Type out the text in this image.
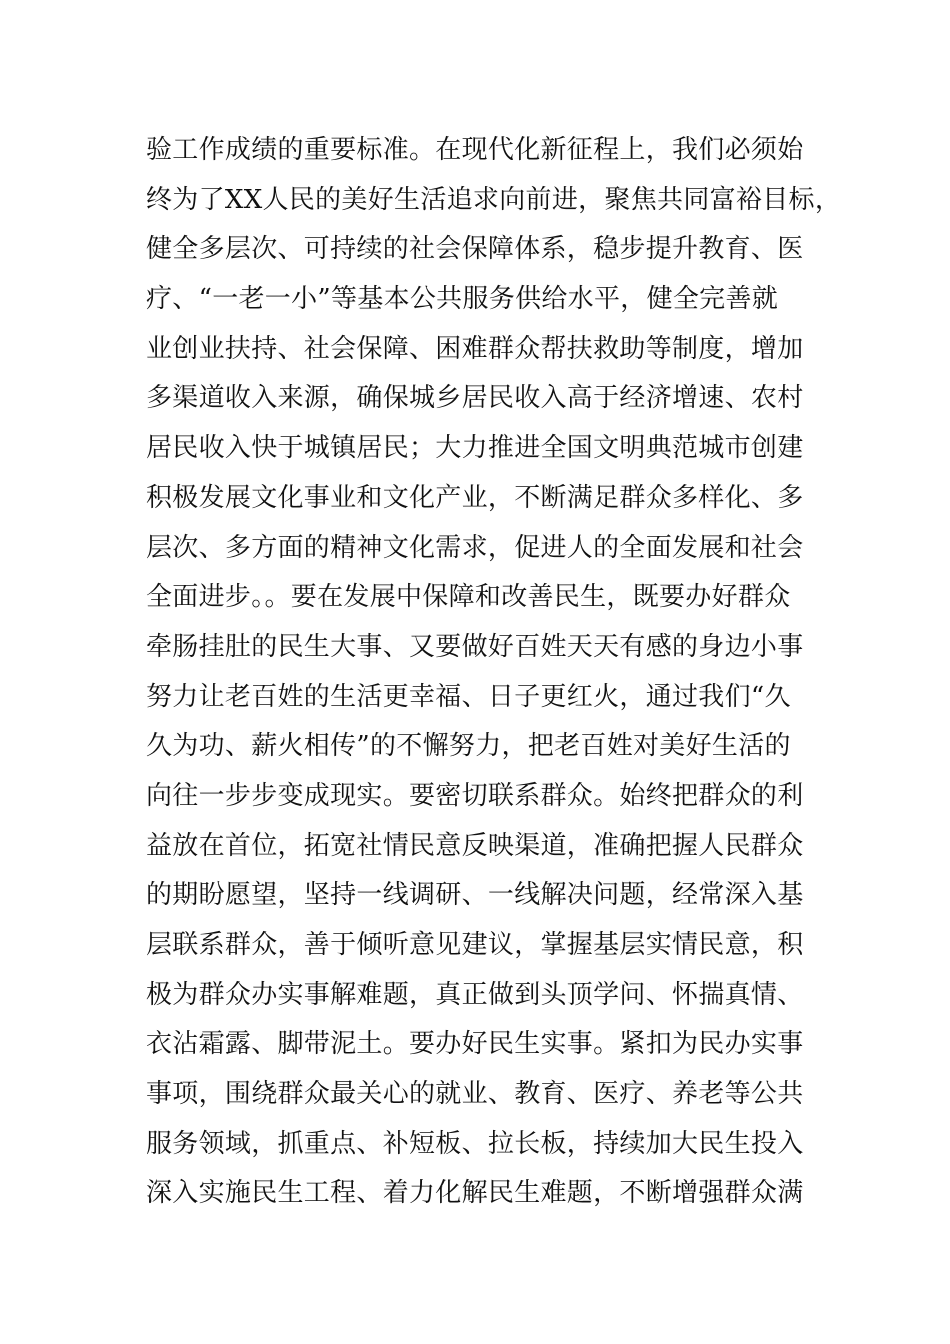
验工作成绩的重要标准。在现代化新征程上，我们必须始
终为了XX人民的美好生活追求向前进，聚焦共同富裕目标，
健全多层次、可持续的社会保障体系，稳步提升教育、医
疗、“一老一小”等基本公共服务供给水平，健全完善就
业创业扶持、社会保障、困难群众帮扶救助等制度，增加
多渠道收入来源，确保城乡居民收入高于经济增速、农村
居民收入快于城镇居民；大力推进全国文明典范城市创建
积极发展文化事业和文化产业，不断满足群众多样化、多
层次、多方面的精神文化需求，促进人的全面发展和社会
全面进步。。要在发展中保障和改善民生，既要办好群众
牵肠挂肚的民生大事、又要做好百姓天天有感的身边小事
努力让老百姓的生活更幸福、日子更红火，通过我们“久
久为功、薪火相传”的不懈努力，把老百姓对美好生活的
向往一步步变成现实。要密切联系群众。始终把群众的利
益放在首位，拓宽社情民意反映渠道，准确把握人民群众
的期盼愿望，坚持一线调研、一线解决问题，经常深入基
层联系群众，善于倾听意见建议，掌握基层实情民意，积
极为群众办实事解难题，真正做到头顶学问、怀揣真情、
衣沾霜露、脚带泥土。要办好民生实事。紧扣为民办实事
事项，围绕群众最关心的就业、教育、医疗、养老等公共
服务领域，抓重点、补短板、拉长板，持续加大民生投入
深入实施民生工程、着力化解民生难题，不断增强群众满
